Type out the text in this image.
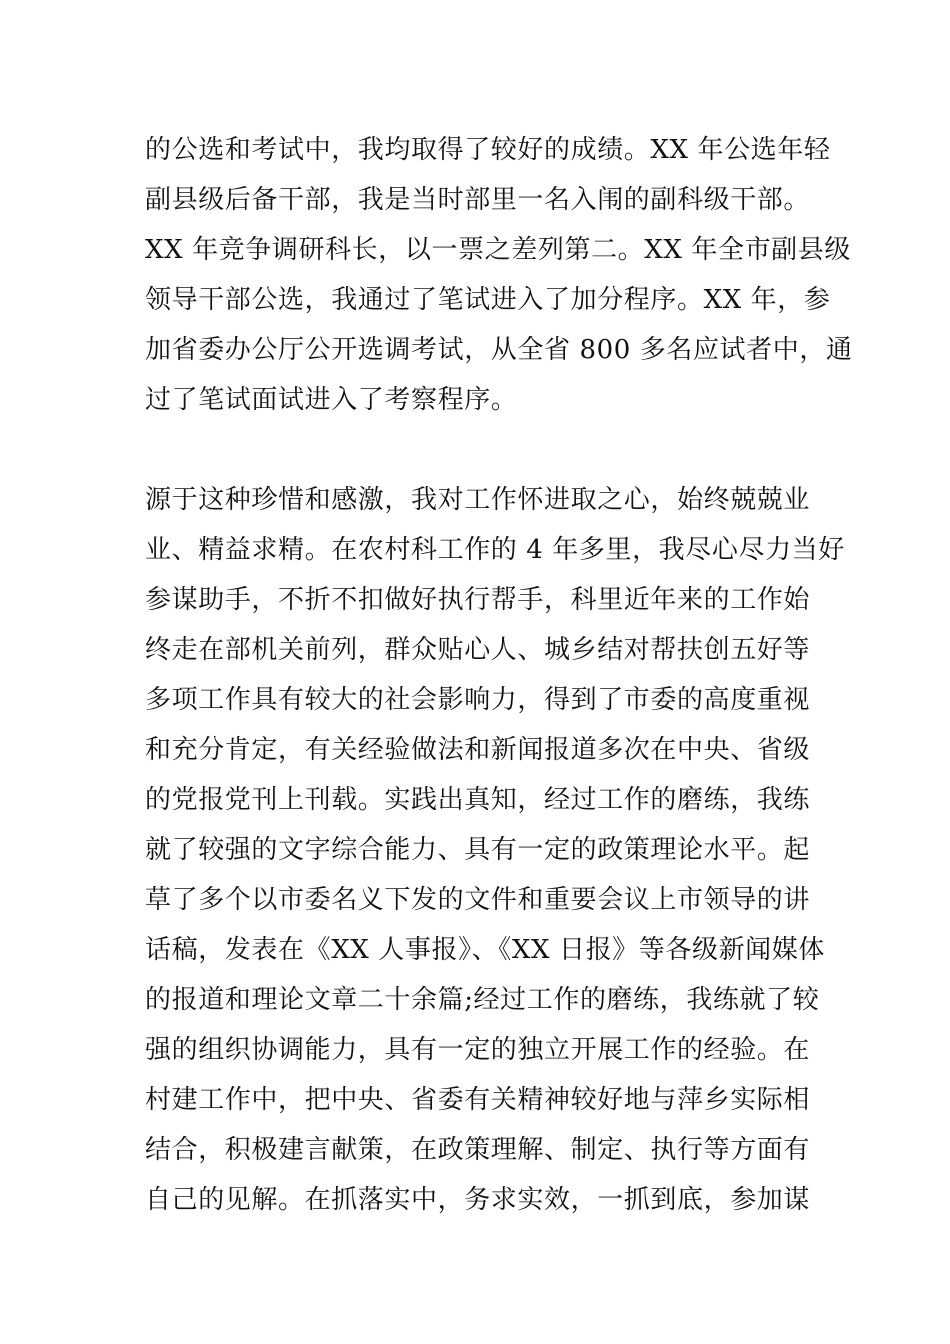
的公选和考试中，我均取得了较好的成绩。XX 年公选年轻
副县级后备干部，我是当时部里一名入闱的副科级干部。
XX 年竞争调研科长，以一票之差列第二。XX 年全市副县级
领导干部公选，我通过了笔试进入了加分程序。XX 年，参
加省委办公厅公开选调考试，从全省 800 多名应试者中，通
过了笔试面试进入了考察程序。
源于这种珍惜和感激，我对工作怀进取之心，始终兢兢业
业、精益求精。在农村科工作的 4 年多里，我尽心尽力当好
参谋助手，不折不扣做好执行帮手，科里近年来的工作始
终走在部机关前列，群众贴心人、城乡结对帮扶创五好等
多项工作具有较大的社会影响力，得到了市委的高度重视
和充分肯定，有关经验做法和新闻报道多次在中央、省级
的党报党刊上刊载。实践出真知，经过工作的磨练，我练
就了较强的文字综合能力、具有一定的政策理论水平。起
草了多个以市委名义下发的文件和重要会议上市领导的讲
话稿，发表在《XX 人事报》、《XX 日报》等各级新闻媒体
的报道和理论文章二十余篇;经过工作的磨练，我练就了较
强的组织协调能力，具有一定的独立开展工作的经验。在
村建工作中，把中央、省委有关精神较好地与萍乡实际相
结合，积极建言献策，在政策理解、制定、执行等方面有
自己的见解。在抓落实中，务求实效，一抓到底，参加谋
